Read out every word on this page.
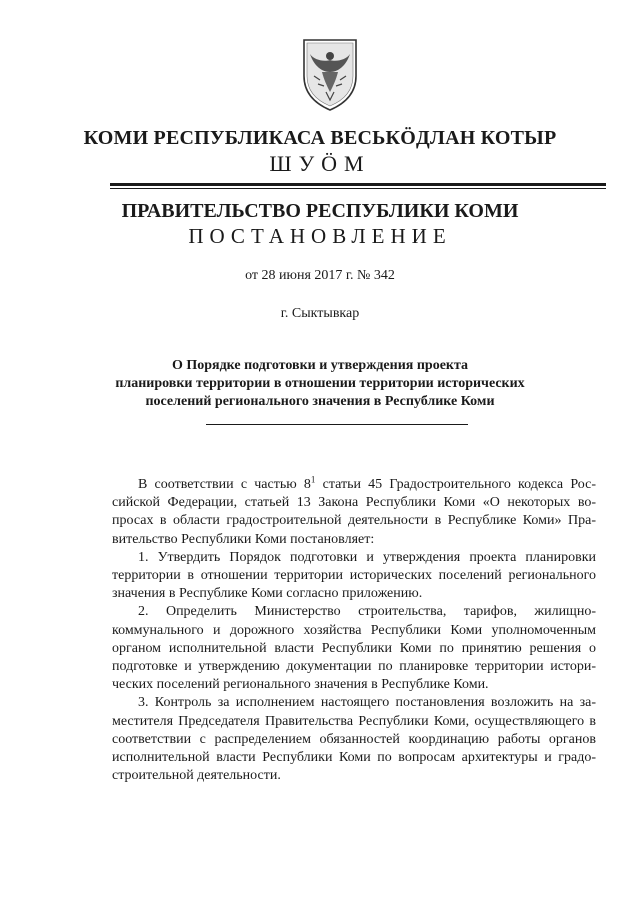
КОМИ РЕСПУБЛИКАСА ВЕСЬКӦДЛАН КОТЫР
ШУӦМ
ПРАВИТЕЛЬСТВО РЕСПУБЛИКИ КОМИ
ПОСТАНОВЛЕНИЕ
от 28 июня 2017 г. № 342
г. Сыктывкар
О Порядке подготовки и утверждения проекта
планировки территории в отношении территории исторических
поселений регионального значения в Республике Коми

В соответствии с частью $8^1$ статьи 45 Градостроительного кодекса Рос-сийской Федерации, статьей 13 Закона Республики Коми «О некоторых во-просах в области градостроительной деятельности в Республике Коми» Пра-вительство Республики Коми постановляет:

1. Утвердить Порядок подготовки и утверждения проекта планировки территории в отношении территории исторических поселений регионального значения в Республике Коми согласно приложению.

2. Определить Министерство строительства, тарифов, жилищно-коммунального и дорожного хозяйства Республики Коми уполномоченным органом исполнительной власти Республики Коми по принятию решения о подготовке и утверждению документации по планировке территории истори-ческих поселений регионального значения в Республике Коми.

3. Контроль за исполнением настоящего постановления возложить на за-местителя Председателя Правительства Республики Коми, осуществляющего в соответствии с распределением обязанностей координацию работы органов исполнительной власти Республики Коми по вопросам архитектуры и градо-строительной деятельности.
